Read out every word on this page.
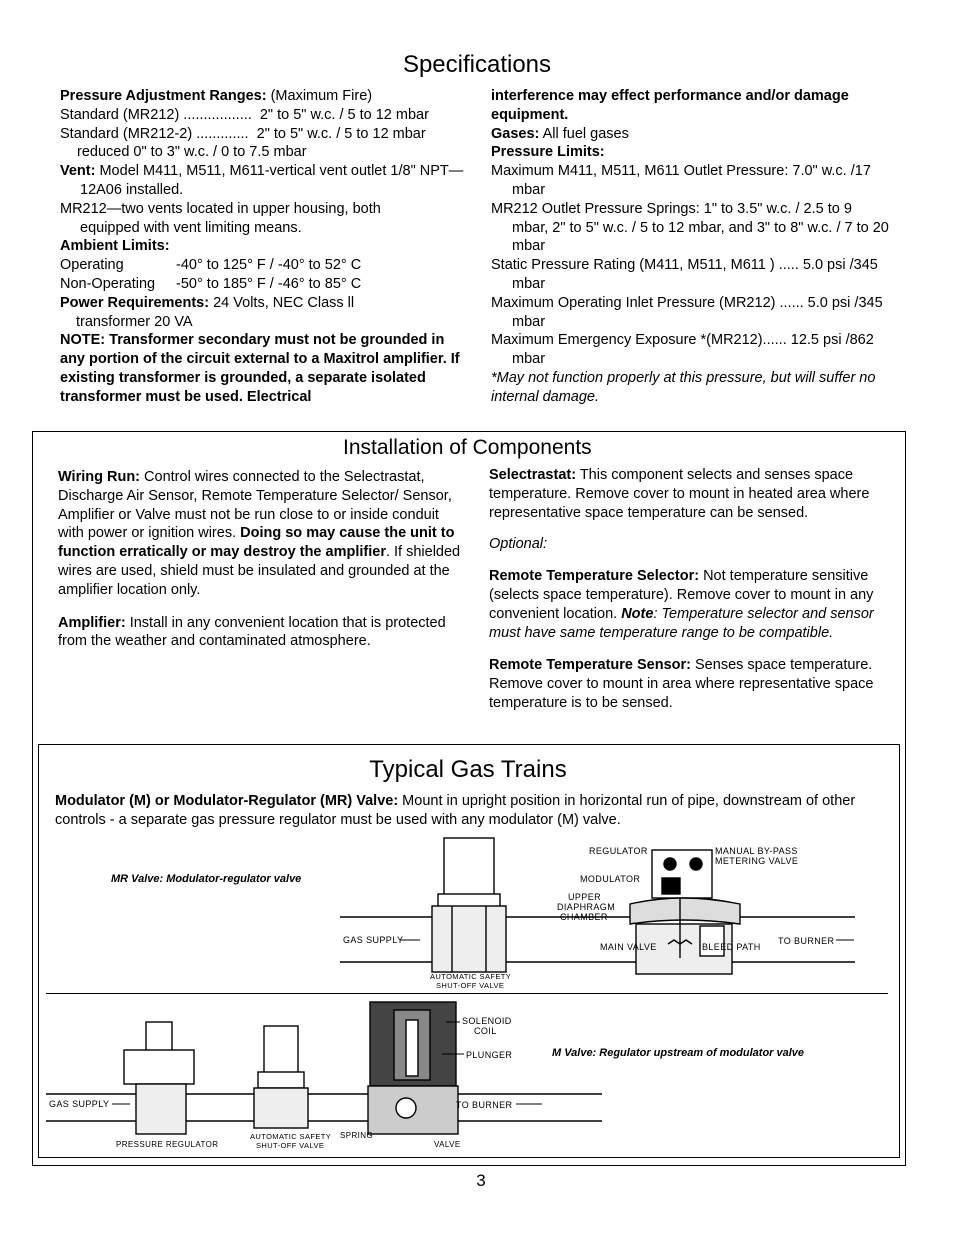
Specifications

Pressure Adjustment Ranges: (Maximum Fire)

Standard (MR212) .................  2" to 5" w.c. / 5 to 12 mbar

Standard (MR212-2) .............  2" to 5" w.c. / 5 to 12 mbar

reduced 0" to 3" w.c. / 0 to 7.5 mbar

Vent: Model M411, M511, M611-vertical vent outlet 1/8" NPT—12A06 installed.

MR212—two vents located in upper housing, both equipped with vent limiting means.

Ambient Limits:

Operating	-40° to 125° F / -40° to 52° C
Non-Operating	-50° to 185° F / -46° to 85° C

Power Requirements: 24 Volts, NEC Class ll transformer 20 VA

NOTE: Transformer secondary must not be grounded in any portion of the circuit external to a Maxitrol amplifier. If existing transformer is grounded, a separate isolated transformer must be used. Electrical

interference may effect performance and/or damage equipment.

Gases: All fuel gases

Pressure Limits:

Maximum M411, M511, M611 Outlet Pressure: 7.0" w.c. /17 mbar

MR212 Outlet Pressure Springs: 1" to 3.5" w.c. / 2.5 to 9 mbar, 2" to 5" w.c. / 5 to 12 mbar, and 3" to 8" w.c. / 7 to 20 mbar

Static Pressure Rating (M411, M511, M611 ) ..... 5.0 psi /345 mbar

Maximum Operating Inlet Pressure (MR212) ...... 5.0 psi /345 mbar

Maximum Emergency Exposure *(MR212)...... 12.5 psi /862 mbar

*May not function properly at this pressure, but will suffer no internal damage.

Installation of Components

Wiring Run: Control wires connected to the Selectrastat, Discharge Air Sensor, Remote Temperature Selector/ Sensor, Amplifier or Valve must not be run close to or inside conduit with power or ignition wires. Doing so may cause the unit to function erratically or may destroy the amplifier. If shielded wires are used, shield must be insulated and grounded at the amplifier location only.

Amplifier: Install in any convenient location that is protected from the weather and contaminated atmosphere.

Selectrastat: This component selects and senses space temperature. Remove cover to mount in heated area where representative space temperature can be sensed.

Optional:

Remote Temperature Selector: Not temperature sensitive (selects space temperature). Remove cover to mount in any convenient location. Note: Temperature selector and sensor must have same temperature range to be compatible.

Remote Temperature Sensor: Senses space temperature. Remove cover to mount in area where representative space temperature is to be sensed.

Typical Gas Trains
Modulator (M) or Modulator-Regulator (MR) Valve: Mount in upright position in horizontal run of pipe, downstream of other controls - a separate gas pressure regulator must be used with any modulator (M) valve.
MR Valve: Modulator-regulator valve
M Valve: Regulator upstream of modulator valve
REGULATOR	MANUAL BY-PASS
METERING VALVE
MODULATOR
UPPER
DIAPHRAGM
CHAMBER
GAS SUPPLY
MAIN VALVE	BLEED PATH
TO BURNER
AUTOMATIC SAFETY
SHUT-OFF VALVE
GAS SUPPLY
PRESSURE REGULATOR
AUTOMATIC SAFETY
SHUT-OFF VALVE
SPRING
VALVE
SOLENOID
COIL
PLUNGER
TO BURNER
3
